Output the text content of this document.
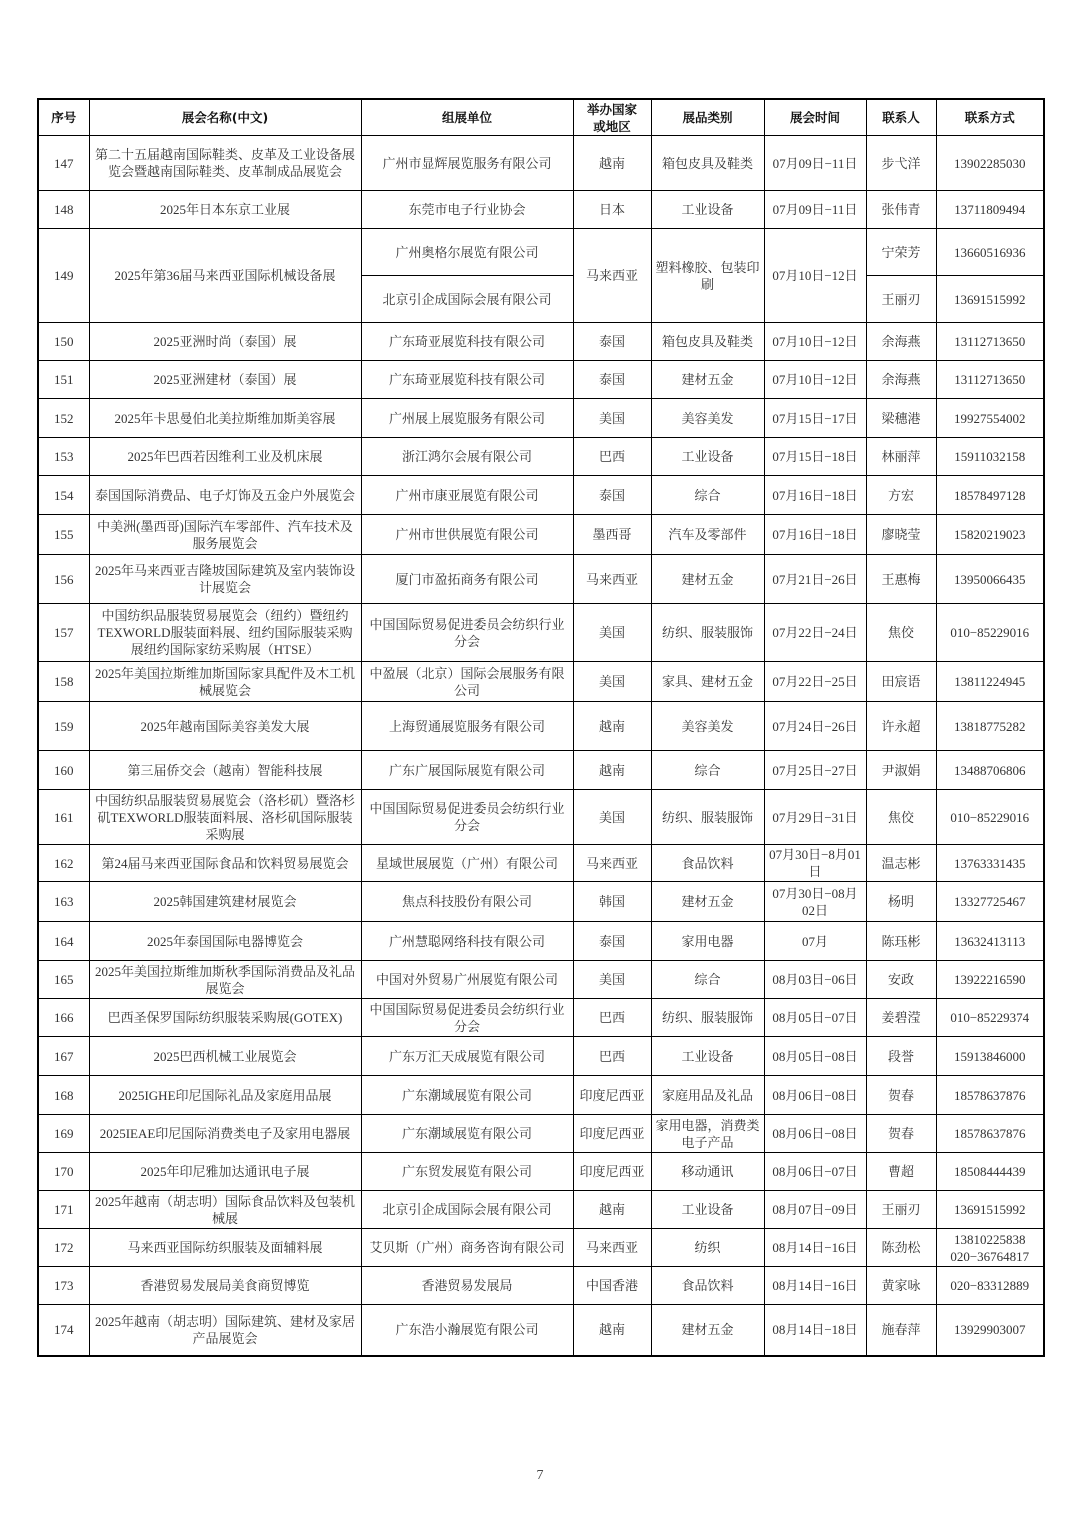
序号	展会名称(中文)	组展单位	举办国家或地区	展品类别	展会时间	联系人	联系方式
147	第二十五届越南国际鞋类、皮革及工业设备展览会暨越南国际鞋类、皮革制成品展览会	广州市显辉展览服务有限公司	越南	箱包皮具及鞋类	07月09日−11日	步弋洋	13902285030
148	2025年日本东京工业展	东莞市电子行业协会	日本	工业设备	07月09日−11日	张伟青	13711809494
149	2025年第36届马来西亚国际机械设备展	广州奥格尔展览有限公司	马来西亚	塑料橡胶、包装印刷	07月10日−12日	宁荣芳	13660516936
		北京引企成国际会展有限公司				王丽刃	13691515992
150	2025亚洲时尚（泰国）展	广东琦亚展览科技有限公司	泰国	箱包皮具及鞋类	07月10日−12日	余海燕	13112713650
151	2025亚洲建材（泰国）展	广东琦亚展览科技有限公司	泰国	建材五金	07月10日−12日	余海燕	13112713650
152	2025年卡思曼伯北美拉斯维加斯美容展	广州展上展览服务有限公司	美国	美容美发	07月15日−17日	梁穗港	19927554002
153	2025年巴西若因维利工业及机床展	浙江鸿尔会展有限公司	巴西	工业设备	07月15日−18日	林丽萍	15911032158
154	泰国国际消费品、电子灯饰及五金户外展览会	广州市康亚展览有限公司	泰国	综合	07月16日−18日	方宏	18578497128
155	中美洲(墨西哥)国际汽车零部件、汽车技术及服务展览会	广州市世供展览有限公司	墨西哥	汽车及零部件	07月16日−18日	廖晓莹	15820219023
156	2025年马来西亚吉隆坡国际建筑及室内装饰设计展览会	厦门市盈拓商务有限公司	马来西亚	建材五金	07月21日−26日	王惠梅	13950066435
157	中国纺织品服装贸易展览会（纽约）暨纽约TEXWORLD服装面料展、纽约国际服装采购展纽约国际家纺采购展（HTSE）	中国国际贸易促进委员会纺织行业分会	美国	纺织、服装服饰	07月22日−24日	焦佼	010−85229016
158	2025年美国拉斯维加斯国际家具配件及木工机械展览会	中盈展（北京）国际会展服务有限公司	美国	家具、建材五金	07月22日−25日	田宸语	13811224945
159	2025年越南国际美容美发大展	上海贸通展览服务有限公司	越南	美容美发	07月24日−26日	许永超	13818775282
160	第三届侨交会（越南）智能科技展	广东广展国际展览有限公司	越南	综合	07月25日−27日	尹淑娟	13488706806
161	中国纺织品服装贸易展览会（洛杉矶）暨洛杉矶TEXWORLD服装面料展、洛杉矶国际服装采购展	中国国际贸易促进委员会纺织行业分会	美国	纺织、服装服饰	07月29日−31日	焦佼	010−85229016
162	第24届马来西亚国际食品和饮料贸易展览会	星域世展展览（广州）有限公司	马来西亚	食品饮料	07月30日−8月01日	温志彬	13763331435
163	2025韩国建筑建材展览会	焦点科技股份有限公司	韩国	建材五金	07月30日−08月02日	杨明	13327725467
164	2025年泰国国际电器博览会	广州慧聪网络科技有限公司	泰国	家用电器	07月	陈珏彬	13632413113
165	2025年美国拉斯维加斯秋季国际消费品及礼品展览会	中国对外贸易广州展览有限公司	美国	综合	08月03日−06日	安政	13922216590
166	巴西圣保罗国际纺织服装采购展(GOTEX)	中国国际贸易促进委员会纺织行业分会	巴西	纺织、服装服饰	08月05日−07日	姜碧滢	010−85229374
167	2025巴西机械工业展览会	广东万汇天成展览有限公司	巴西	工业设备	08月05日−08日	段誉	15913846000
168	2025IGHE印尼国际礼品及家庭用品展	广东潮域展览有限公司	印度尼西亚	家庭用品及礼品	08月06日−08日	贺春	18578637876
169	2025IEAE印尼国际消费类电子及家用电器展	广东潮域展览有限公司	印度尼西亚	家用电器，消费类电子产品	08月06日−08日	贺春	18578637876
170	2025年印尼雅加达通讯电子展	广东贸发展览有限公司	印度尼西亚	移动通讯	08月06日−07日	曹超	18508444439
171	2025年越南（胡志明）国际食品饮料及包装机械展	北京引企成国际会展有限公司	越南	工业设备	08月07日−09日	王丽刃	13691515992
172	马来西亚国际纺织服装及面辅料展	艾贝斯（广州）商务咨询有限公司	马来西亚	纺织	08月14日−16日	陈劲松	13810225838 020−36764817
173	香港贸易发展局美食商贸博览	香港贸易发展局	中国香港	食品饮料	08月14日−16日	黄家咏	020−83312889
174	2025年越南（胡志明）国际建筑、建材及家居产品展览会	广东浩小瀚展览有限公司	越南	建材五金	08月14日−18日	施春萍	13929903007
7
